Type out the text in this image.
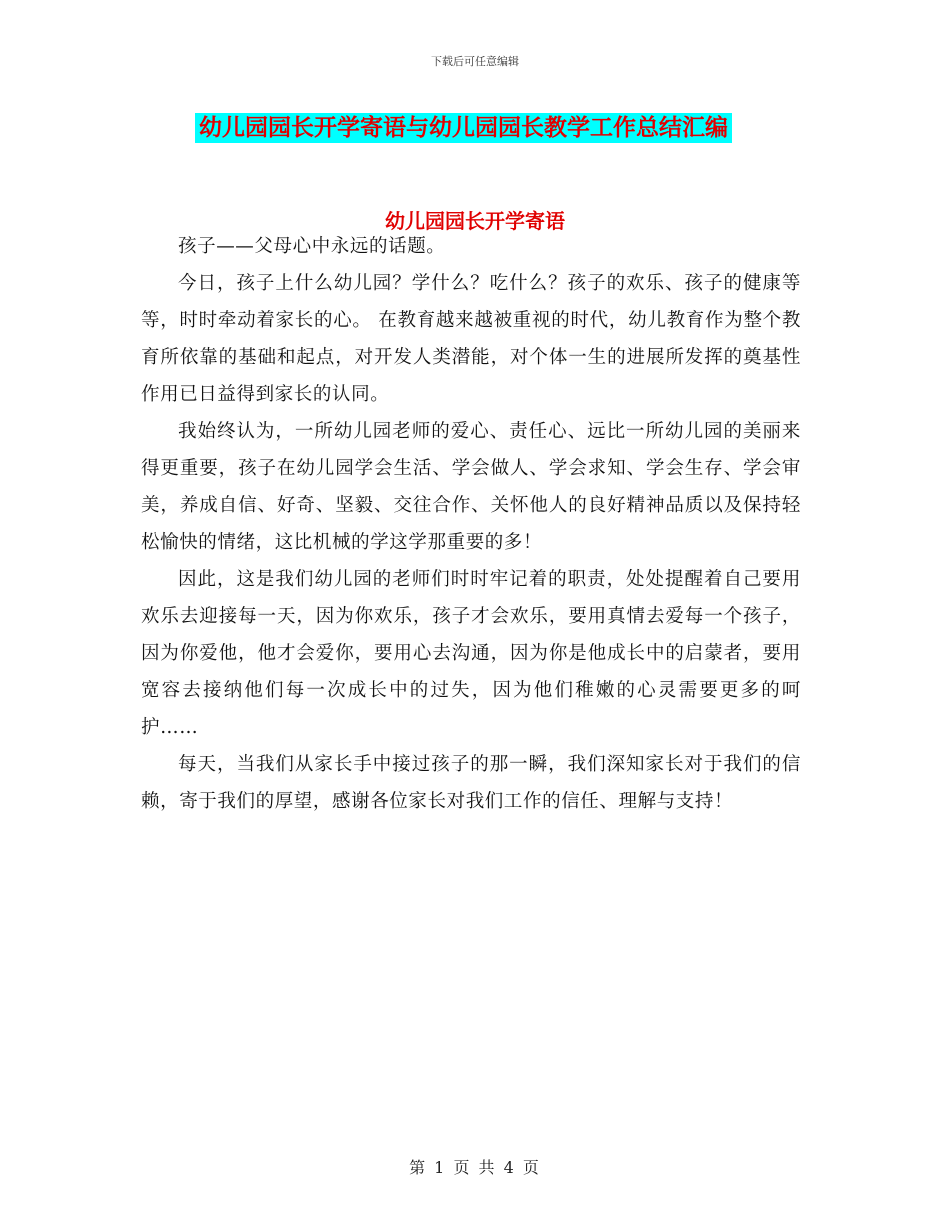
下载后可任意编辑
幼儿园园长开学寄语与幼儿园园长教学工作总结汇编
幼儿园园长开学寄语

孩子——父母心中永远的话题。

今日，孩子上什么幼儿园？学什么？吃什么？孩子的欢乐、孩子的健康等等，时时牵动着家长的心。 在教育越来越被重视的时代，幼儿教育作为整个教育所依靠的基础和起点，对开发人类潜能，对个体一生的进展所发挥的奠基性作用已日益得到家长的认同。

我始终认为，一所幼儿园老师的爱心、责任心、远比一所幼儿园的美丽来得更重要，孩子在幼儿园学会生活、学会做人、学会求知、学会生存、学会审美，养成自信、好奇、坚毅、交往合作、关怀他人的良好精神品质以及保持轻松愉快的情绪，这比机械的学这学那重要的多！

因此，这是我们幼儿园的老师们时时牢记着的职责，处处提醒着自己要用欢乐去迎接每一天，因为你欢乐，孩子才会欢乐，要用真情去爱每一个孩子，因为你爱他，他才会爱你，要用心去沟通，因为你是他成长中的启蒙者，要用宽容去接纳他们每一次成长中的过失，因为他们稚嫩的心灵需要更多的呵护……

每天，当我们从家长手中接过孩子的那一瞬，我们深知家长对于我们的信赖，寄于我们的厚望，感谢各位家长对我们工作的信任、理解与支持！

第 1 页 共 4 页
